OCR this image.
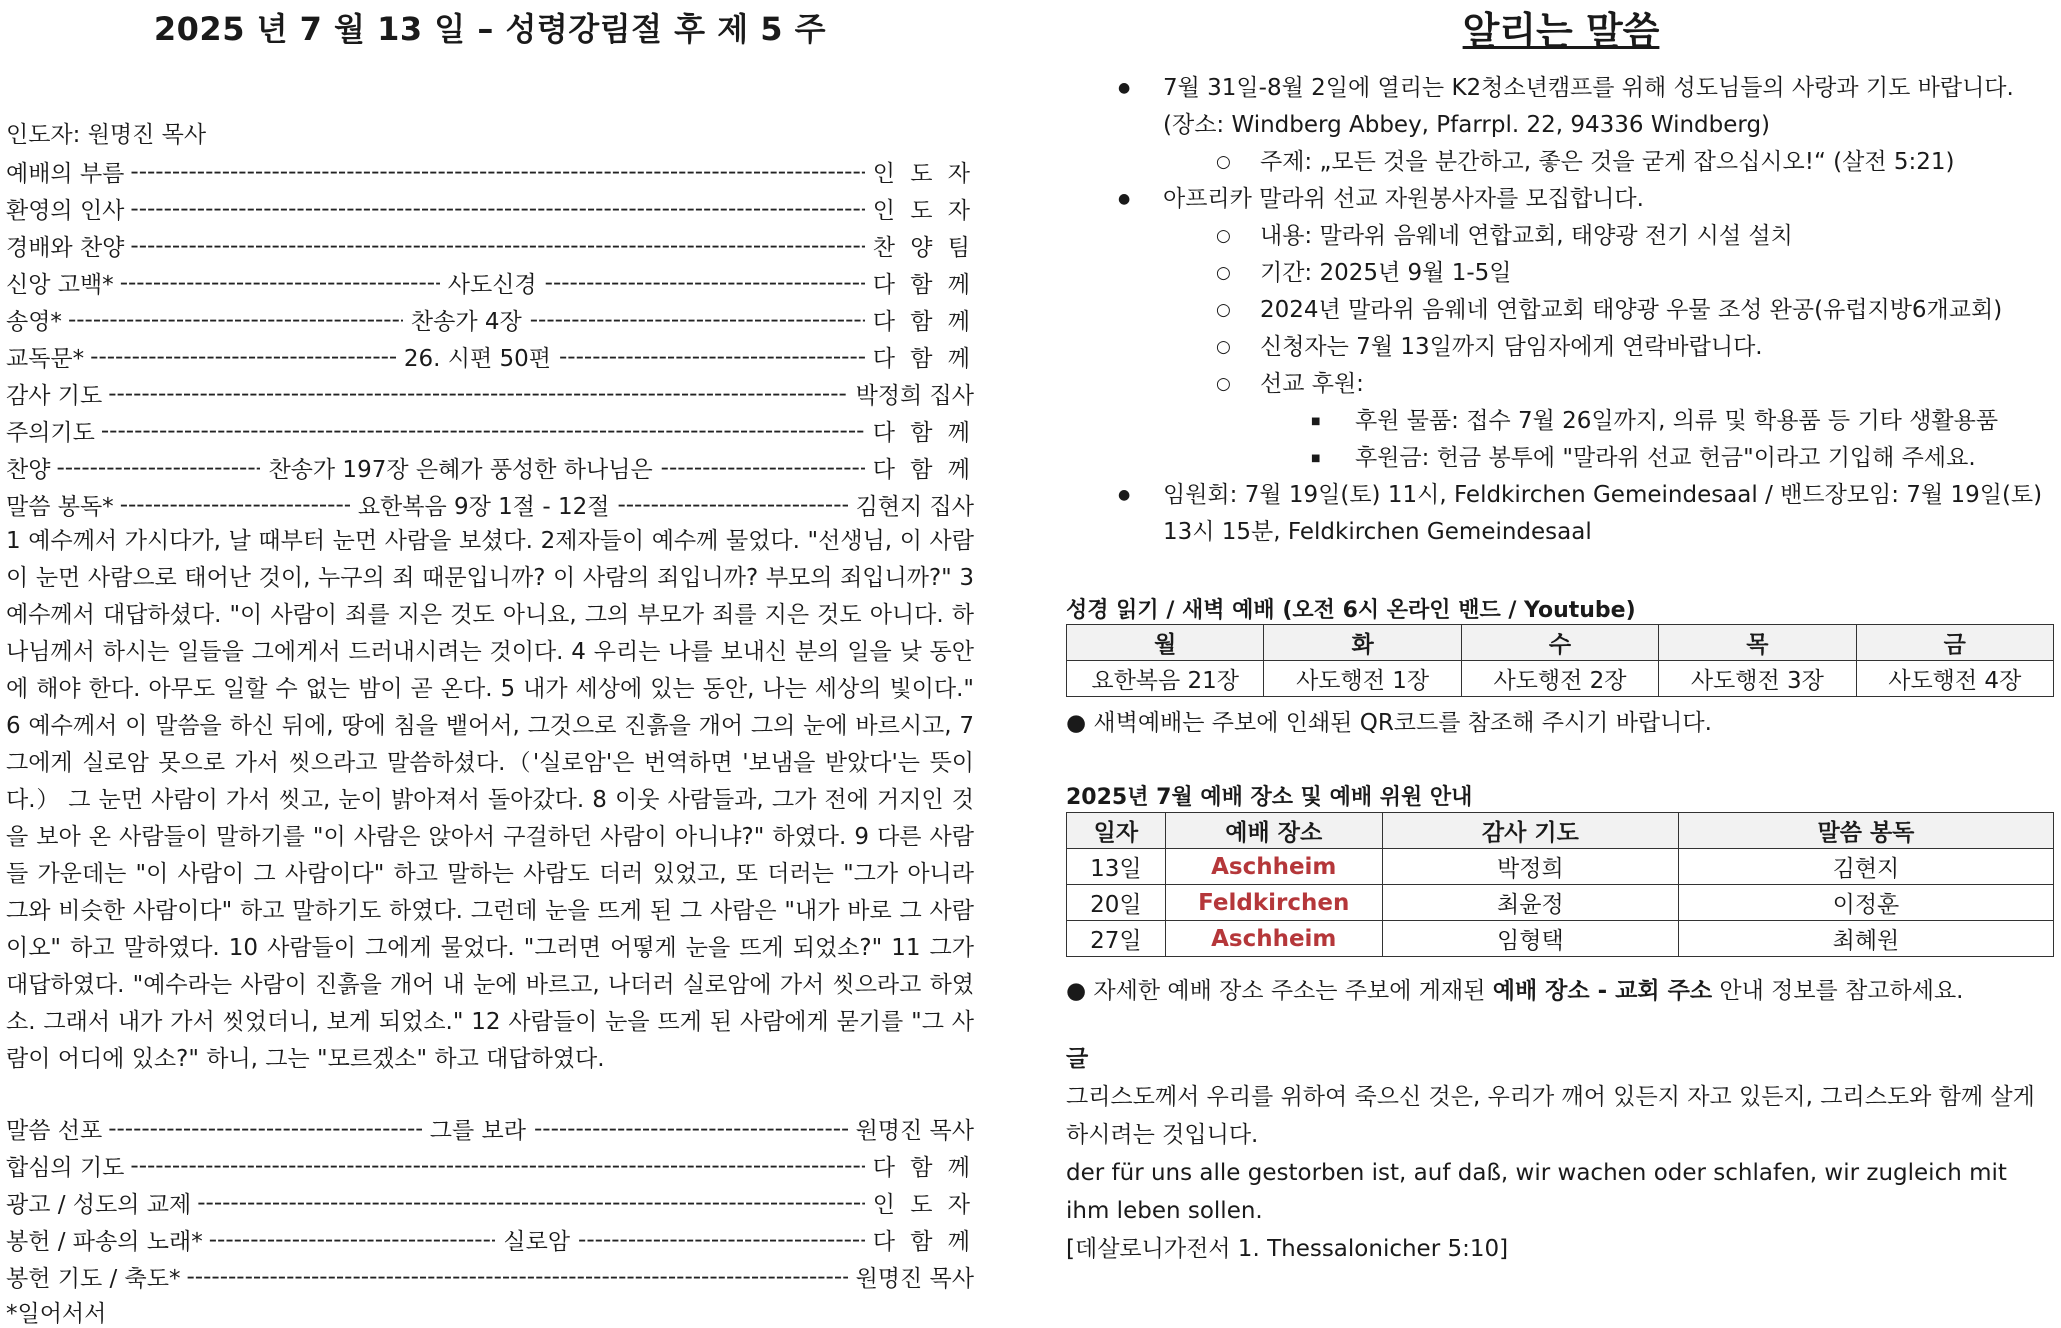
2025 년 7 월 13 일 – 성령강림절 후 제 5 주
인도자: 원명진 목사
예배의 부름 -----	인 도 자
환영의 인사 -----	인 도 자
경배와 찬양 -----	찬 양 팀
신앙 고백* -----	사도신경 -----	다 함 께
송영* -----	찬송가 4장 -----	다 함 께
교독문* -----	26. 시편 50편 -----	다 함 께
감사 기도 -----	박정희 집사
주의기도 -----	다 함 께
찬양 -----	찬송가 197장 은혜가 풍성한 하나님은 -----	다 함 께
말씀 봉독* -----	요한복음 9장 1절 - 12절 -----	김현지 집사
1 예수께서 가시다가, 날 때부터 눈먼 사람을 보셨다. 2제자들이 예수께 물었다. "선생님, 이 사람이 눈먼 사람으로 태어난 것이, 누구의 죄 때문입니까? 이 사람의 죄입니까? 부모의 죄입니까?" 3 예수께서 대답하셨다. "이 사람이 죄를 지은 것도 아니요, 그의 부모가 죄를 지은 것도 아니다. 하나님께서 하시는 일들을 그에게서 드러내시려는 것이다. 4 우리는 나를 보내신 분의 일을 낮 동안에 해야 한다. 아무도 일할 수 없는 밤이 곧 온다. 5 내가 세상에 있는 동안, 나는 세상의 빛이다." 6 예수께서 이 말씀을 하신 뒤에, 땅에 침을 뱉어서, 그것으로 진흙을 개어 그의 눈에 바르시고, 7 그에게 실로암 못으로 가서 씻으라고 말씀하셨다.（'실로암'은 번역하면 '보냄을 받았다'는 뜻이다.） 그 눈먼 사람이 가서 씻고, 눈이 밝아져서 돌아갔다. 8 이웃 사람들과, 그가 전에 거지인 것을 보아 온 사람들이 말하기를 "이 사람은 앉아서 구걸하던 사람이 아니냐?" 하였다. 9 다른 사람들 가운데는 "이 사람이 그 사람이다" 하고 말하는 사람도 더러 있었고, 또 더러는 "그가 아니라 그와 비슷한 사람이다" 하고 말하기도 하였다. 그런데 눈을 뜨게 된 그 사람은 "내가 바로 그 사람이오" 하고 말하였다. 10 사람들이 그에게 물었다. "그러면 어떻게 눈을 뜨게 되었소?" 11 그가 대답하였다. "예수라는 사람이 진흙을 개어 내 눈에 바르고, 나더러 실로암에 가서 씻으라고 하였소. 그래서 내가 가서 씻었더니, 보게 되었소." 12 사람들이 눈을 뜨게 된 사람에게 묻기를 "그 사람이 어디에 있소?" 하니, 그는 "모르겠소" 하고 대답하였다.
말씀 선포 -----	그를 보라 -----	원명진 목사
합심의 기도 -----	다 함 께
광고 / 성도의 교제 -----	인 도 자
봉헌 / 파송의 노래* -----	실로암 -----	다 함 께
봉헌 기도 / 축도* -----	원명진 목사
*일어서서
알리는 말씀
● 7월 31일-8월 2일에 열리는 K2청소년캠프를 위해 성도님들의 사랑과 기도 바랍니다.
(장소: Windberg Abbey, Pfarrpl. 22, 94336 Windberg)
○ 주제: „모든 것을 분간하고, 좋은 것을 굳게 잡으십시오!“ (살전 5:21)
● 아프리카 말라위 선교 자원봉사자를 모집합니다.
○ 내용: 말라위 음웨네 연합교회, 태양광 전기 시설 설치
○ 기간: 2025년 9월 1-5일
○ 2024년 말라위 음웨네 연합교회 태양광 우물 조성 완공(유럽지방6개교회)
○ 신청자는 7월 13일까지 담임자에게 연락바랍니다.
○ 선교 후원:
■ 후원 물품: 접수 7월 26일까지, 의류 및 학용품 등 기타 생활용품
■ 후원금: 헌금 봉투에 "말라위 선교 헌금"이라고 기입해 주세요.
● 임원회: 7월 19일(토) 11시, Feldkirchen Gemeindesaal / 밴드장모임: 7월 19일(토)
13시 15분, Feldkirchen Gemeindesaal
성경 읽기 / 새벽 예배 (오전 6시 온라인 밴드 / Youtube)
월	화	수	목	금
요한복음 21장	사도행전 1장	사도행전 2장	사도행전 3장	사도행전 4장
● 새벽예배는 주보에 인쇄된 QR코드를 참조해 주시기 바랍니다.
2025년 7월 예배 장소 및 예배 위원 안내
일자	예배 장소	감사 기도	말씀 봉독
13일	Aschheim	박정희	김현지
20일	Feldkirchen	최윤정	이정훈
27일	Aschheim	임형택	최혜원
● 자세한 예배 장소 주소는 주보에 게재된 예배 장소 - 교회 주소 안내 정보를 참고하세요.
글
그리스도께서 우리를 위하여 죽으신 것은, 우리가 깨어 있든지 자고 있든지, 그리스도와 함께 살게 하시려는 것입니다.
der für uns alle gestorben ist, auf daß, wir wachen oder schlafen, wir zugleich mit ihm leben sollen.
[데살로니가전서 1. Thessalonicher 5:10]
